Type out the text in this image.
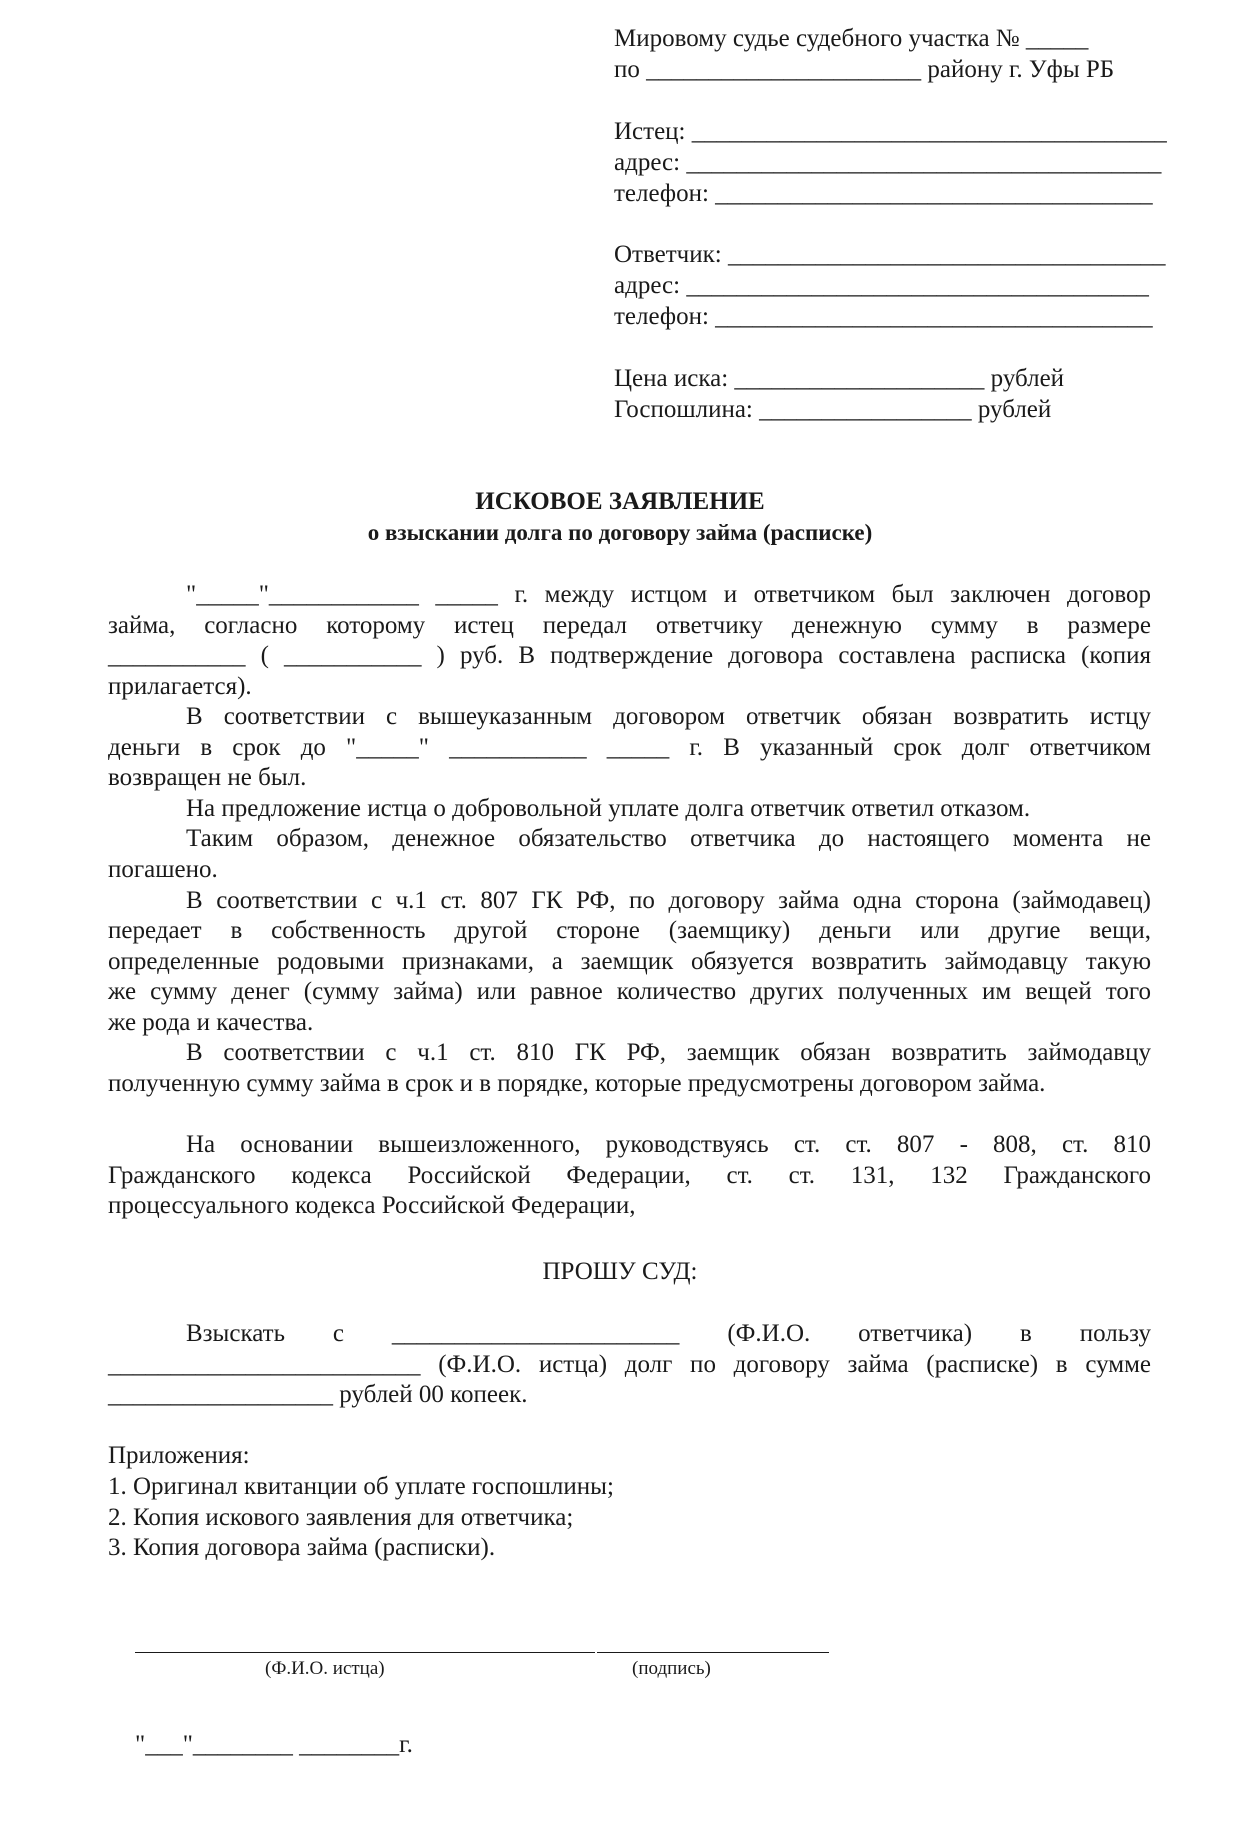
Мировому судье судебного участка № _____
по ______________________ району г. Уфы РБ
Истец: ______________________________________
адрес: ______________________________________
телефон: ___________________________________
Ответчик: ___________________________________
адрес: _____________________________________
телефон: ___________________________________
Цена иска: ____________________ рублей
Госпошлина: _________________ рублей
ИСКОВОЕ ЗАЯВЛЕНИЕ
о взыскании долга по договору займа (расписке)
"_____"____________ _____ г. между истцом и ответчиком был заключен договор
займа, согласно которому истец передал ответчику денежную сумму в размере
___________ ( ___________ ) руб. В подтверждение договора составлена расписка (копия
прилагается).
В соответствии с вышеуказанным договором ответчик обязан возвратить истцу
деньги в срок до "_____" ___________ _____ г. В указанный срок долг ответчиком
возвращен не был.
На предложение истца о добровольной уплате долга ответчик ответил отказом.
Таким образом, денежное обязательство ответчика до настоящего момента не
погашено.
В соответствии с ч.1 ст. 807 ГК РФ, по договору займа одна сторона (займодавец)
передает в собственность другой стороне (заемщику) деньги или другие вещи,
определенные родовыми признаками, а заемщик обязуется возвратить займодавцу такую
же сумму денег (сумму займа) или равное количество других полученных им вещей того
же рода и качества.
В соответствии с ч.1 ст. 810 ГК РФ, заемщик обязан возвратить займодавцу
полученную сумму займа в срок и в порядке, которые предусмотрены договором займа.
На основании вышеизложенного, руководствуясь ст. ст. 807 - 808, ст. 810
Гражданского кодекса Российской Федерации, ст. ст. 131, 132 Гражданского
процессуального кодекса Российской Федерации,
ПРОШУ СУД:
Взыскать с _______________________ (Ф.И.О. ответчика) в пользу
_________________________ (Ф.И.О. истца) долг по договору займа (расписке) в сумме
__________________ рублей 00 копеек.
Приложения:
1. Оригинал квитанции об уплате госпошлины;
2. Копия искового заявления для ответчика;
3. Копия договора займа (расписки).
(Ф.И.О. истца)	(подпись)
"___"________ ________г.
